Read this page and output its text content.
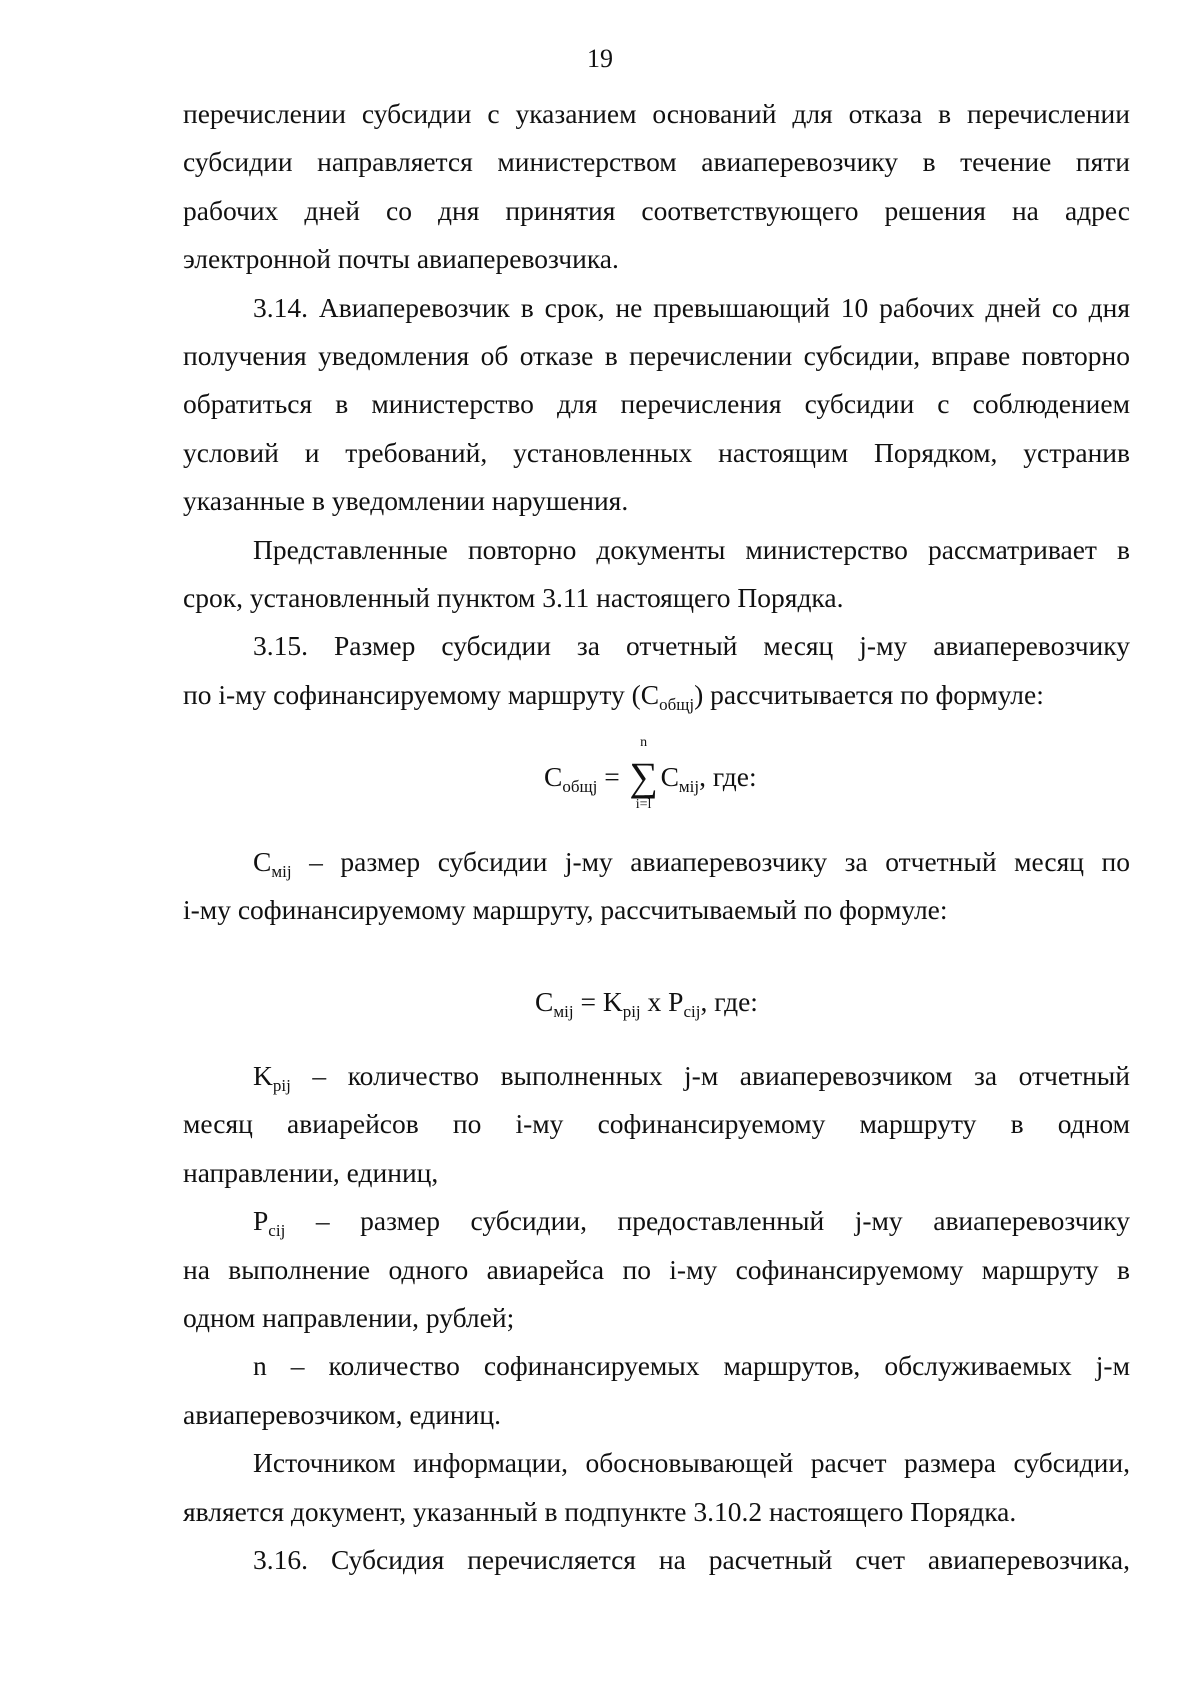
19

перечислении субсидии с указанием оснований для отказа в перечислении
субсидии направляется министерством авиаперевозчику в течение пяти
рабочих дней со дня принятия соответствующего решения на адрес
электронной почты авиаперевозчика.

3.14. Авиаперевозчик в срок, не превышающий 10 рабочих дней со дня
получения уведомления об отказе в перечислении субсидии, вправе повторно
обратиться в министерство для перечисления субсидии с соблюдением
условий и требований, установленных настоящим Порядком, устранив
указанные в уведомлении нарушения.

Представленные повторно документы министерство рассматривает в
срок, установленный пунктом 3.11 настоящего Порядка.

3.15. Размер субсидии за отчетный месяц j-му авиаперевозчику
по i-му софинансируемому маршруту $(C_{общj})$ рассчитывается по формуле:

$C_{общj}$ =
n
∑
i=l
$C_{мij}$, где:

$C_{мij}$ – размер субсидии j-му авиаперевозчику за отчетный месяц по
i-му софинансируемому маршруту, рассчитываемый по формуле:

$C_{мij} = K_{pij}$ x $P_{cij}$, где:

$K_{pij}$ – количество выполненных j-м авиаперевозчиком за отчетный
месяц авиарейсов по i-му софинансируемому маршруту в одном
направлении, единиц,

$P_{cij}$ – размер субсидии, предоставленный j-му авиаперевозчику
на выполнение одного авиарейса по i-му софинансируемому маршруту в
одном направлении, рублей;

n – количество софинансируемых маршрутов, обслуживаемых j-м
авиаперевозчиком, единиц.

Источником информации, обосновывающей расчет размера субсидии,
является документ, указанный в подпункте 3.10.2 настоящего Порядка.

3.16. Субсидия перечисляется на расчетный счет авиаперевозчика,
